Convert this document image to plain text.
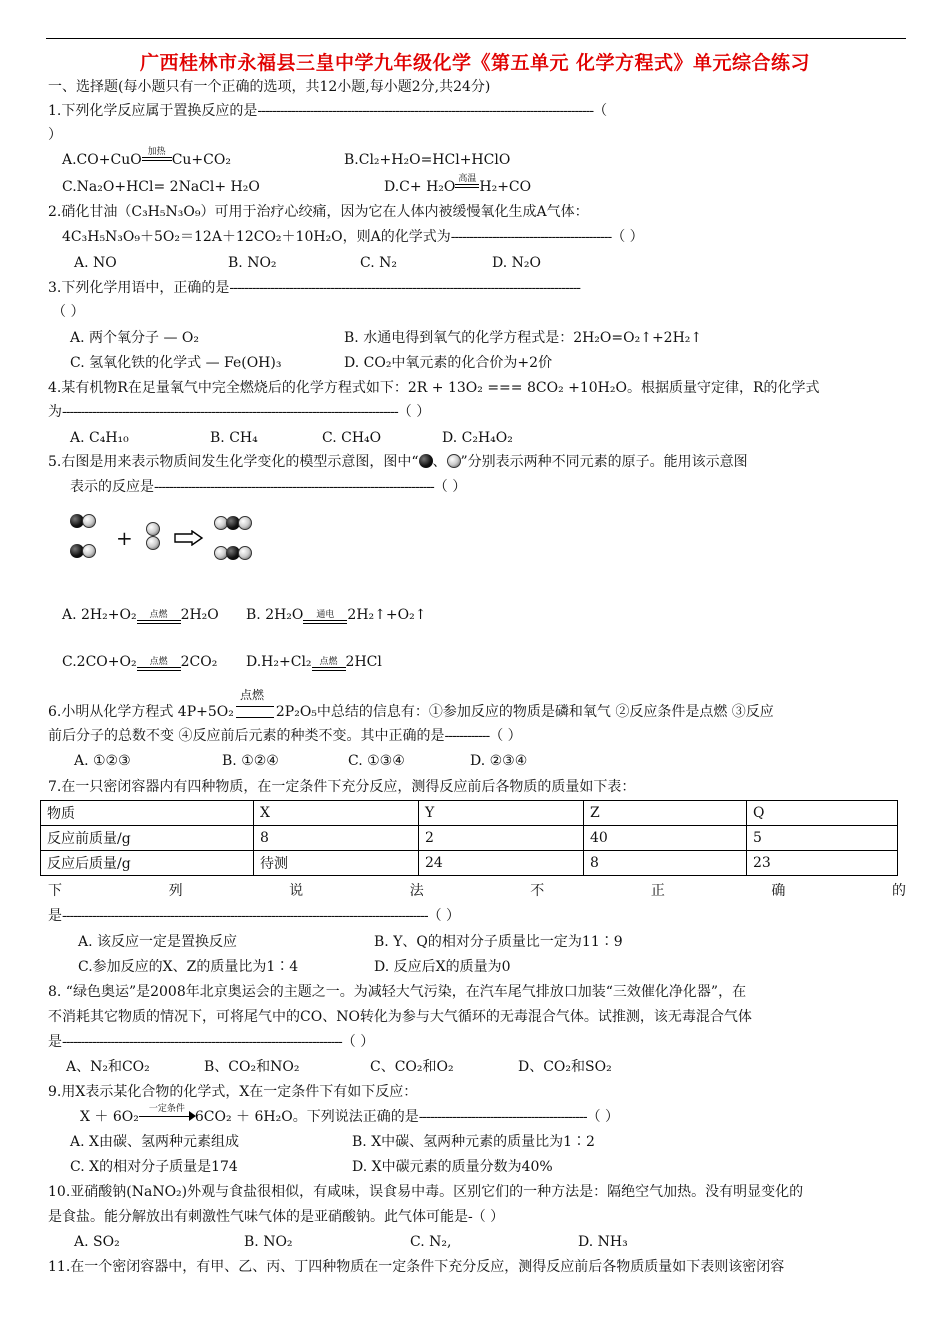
广西桂林市永福县三皇中学九年级化学《第五单元 化学方程式》单元综合练习
一、选择题(每小题只有一个正确的选项，共12小题,每小题2分,共24分)
1.下列化学反应属于置换反应的是------------------------------------------------------------------------------------------（
）
A.CO+CuO 加热 Cu+CO₂	B.Cl₂+H₂O=HCl+HClO
C.Na₂O+HCl= 2NaCl+ H₂O	D.C+ H₂O 高温 H₂+CO
2.硝化甘油（C₃H₅N₃O₉）可用于治疗心绞痛，因为它在人体内被缓慢氧化生成A气体：
4C₃H₅N₃O₉＋5O₂＝12A＋12CO₂＋10H₂O，则A的化学式为-------------------------------------------（ ）
A. NO	B. NO₂	C. N₂	D. N₂O
3.下列化学用语中，正确的是----------------------------------------------------------------------------------------------
（ ）
A. 两个氧分子 — O₂	B. 水通电得到氧气的化学方程式是：2H₂O=O₂↑+2H₂↑
C. 氢氧化铁的化学式 — Fe(OH)₃	D. CO₂中氧元素的化合价为+2价
4.某有机物R在足量氧气中完全燃烧后的化学方程式如下：2R + 13O₂ === 8CO₂ +10H₂O。根据质量守定律，R的化学式
为------------------------------------------------------------------------------------------（ ）
A. C₄H₁₀	B. CH₄	C. CH₄O	D. C₂H₄O₂
5.右图是用来表示物质间发生化学变化的模型示意图，图中“ 、 ”分别表示两种不同元素的原子。能用该示意图
表示的反应是---------------------------------------------------------------------------（ ）
+
A. 2H₂+O₂	点燃 2H₂O B. 2H₂O	通电 2H₂↑+O₂↑
C.2CO+O₂	点燃 2CO₂ D.H₂+Cl₂ 点燃 2HCl
点燃
6.小明从化学方程式 4P+5O₂	2P₂O₅中总结的信息有：①参加反应的物质是磷和氧气 ②反应条件是点燃 ③反应
前后分子的总数不变 ④反应前后元素的种类不变。其中正确的是------------（ ）
A. ①②③	B. ①②④	C. ①③④	D. ②③④
7.在一只密闭容器内有四种物质，在一定条件下充分反应，测得反应前后各物质的质量如下表：
物质	X	Y	Z	Q
反应前质量/g	8	2	40	5
反应后质量/g	待测	24	8	23
下	列	说	法	不	正	确	的
是--------------------------------------------------------------------------------------------------（ ）
A. 该反应一定是置换反应	B. Y、Q的相对分子质量比一定为11∶9
C.参加反应的X、Z的质量比为1∶4	D. 反应后X的质量为0
8. “绿色奥运”是2008年北京奥运会的主题之一。为减轻大气污染，在汽车尾气排放口加装“三效催化净化器”，在
不消耗其它物质的情况下，可将尾气中的CO、NO转化为参与大气循环的无毒混合气体。试推测，该无毒混合气体
是---------------------------------------------------------------------------（ ）
A、N₂和CO₂	B、CO₂和NO₂	C、CO₂和O₂	D、CO₂和SO₂
9.用X表示某化合物的化学式，X在一定条件下有如下反应：
X ＋ 6O₂	一定条件 6CO₂ ＋ 6H₂O。下列说法正确的是---------------------------------------------（ ）
A. X由碳、氢两种元素组成	B. X中碳、氢两种元素的质量比为1∶2
C. X的相对分子质量是174	D. X中碳元素的质量分数为40%
10.亚硝酸钠(NaNO₂)外观与食盐很相似，有咸味，误食易中毒。区别它们的一种方法是：隔绝空气加热。没有明显变化的
是食盐。能分解放出有刺激性气味气体的是亚硝酸钠。此气体可能是-（ ）
A. SO₂	B. NO₂	C. N₂,	D. NH₃
11.在一个密闭容器中，有甲、乙、丙、丁四种物质在一定条件下充分反应，测得反应前后各物质质量如下表则该密闭容
